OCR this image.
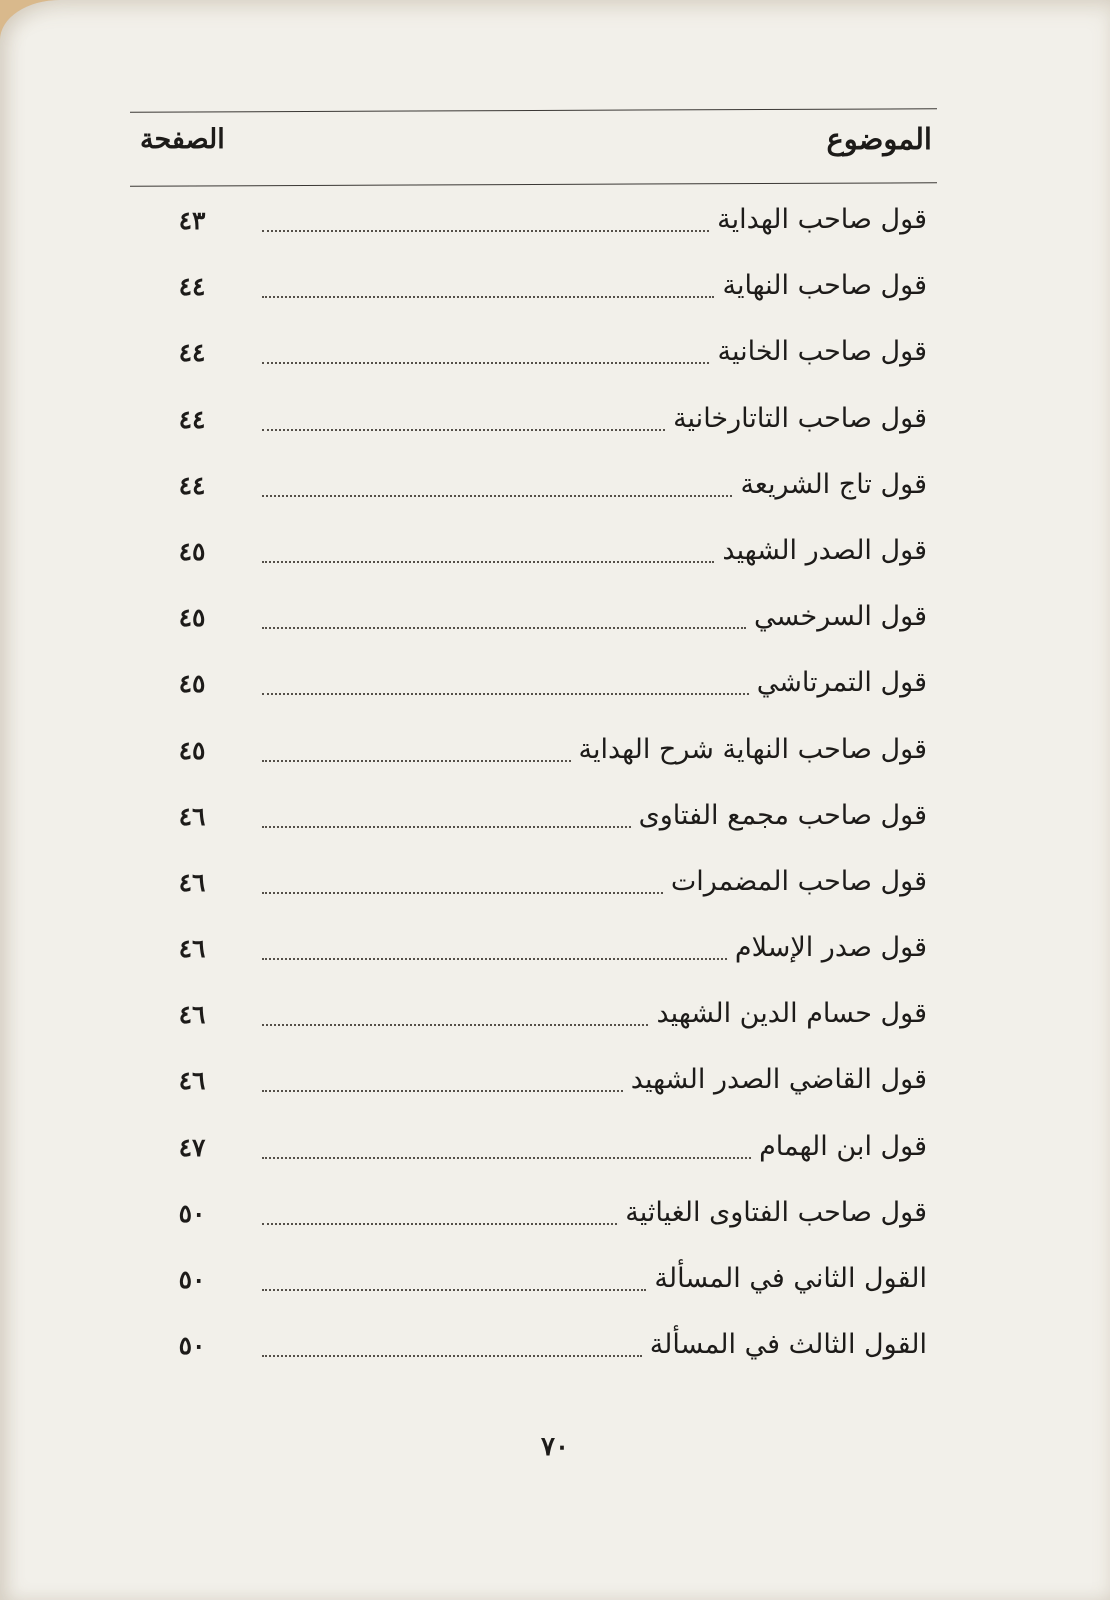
الموضوع
الصفحة
قول صاحب الهداية
٤٣
قول صاحب النهاية
٤٤
قول صاحب الخانية
٤٤
قول صاحب التاتارخانية
٤٤
قول تاج الشريعة
٤٤
قول الصدر الشهيد
٤٥
قول السرخسي
٤٥
قول التمرتاشي
٤٥
قول صاحب النهاية شرح الهداية
٤٥
قول صاحب مجمع الفتاوى
٤٦
قول صاحب المضمرات
٤٦
قول صدر الإسلام
٤٦
قول حسام الدين الشهيد
٤٦
قول القاضي الصدر الشهيد
٤٦
قول ابن الهمام
٤٧
قول صاحب الفتاوى الغياثية
٥٠
القول الثاني في المسألة
٥٠
القول الثالث في المسألة
٥٠
٧٠
